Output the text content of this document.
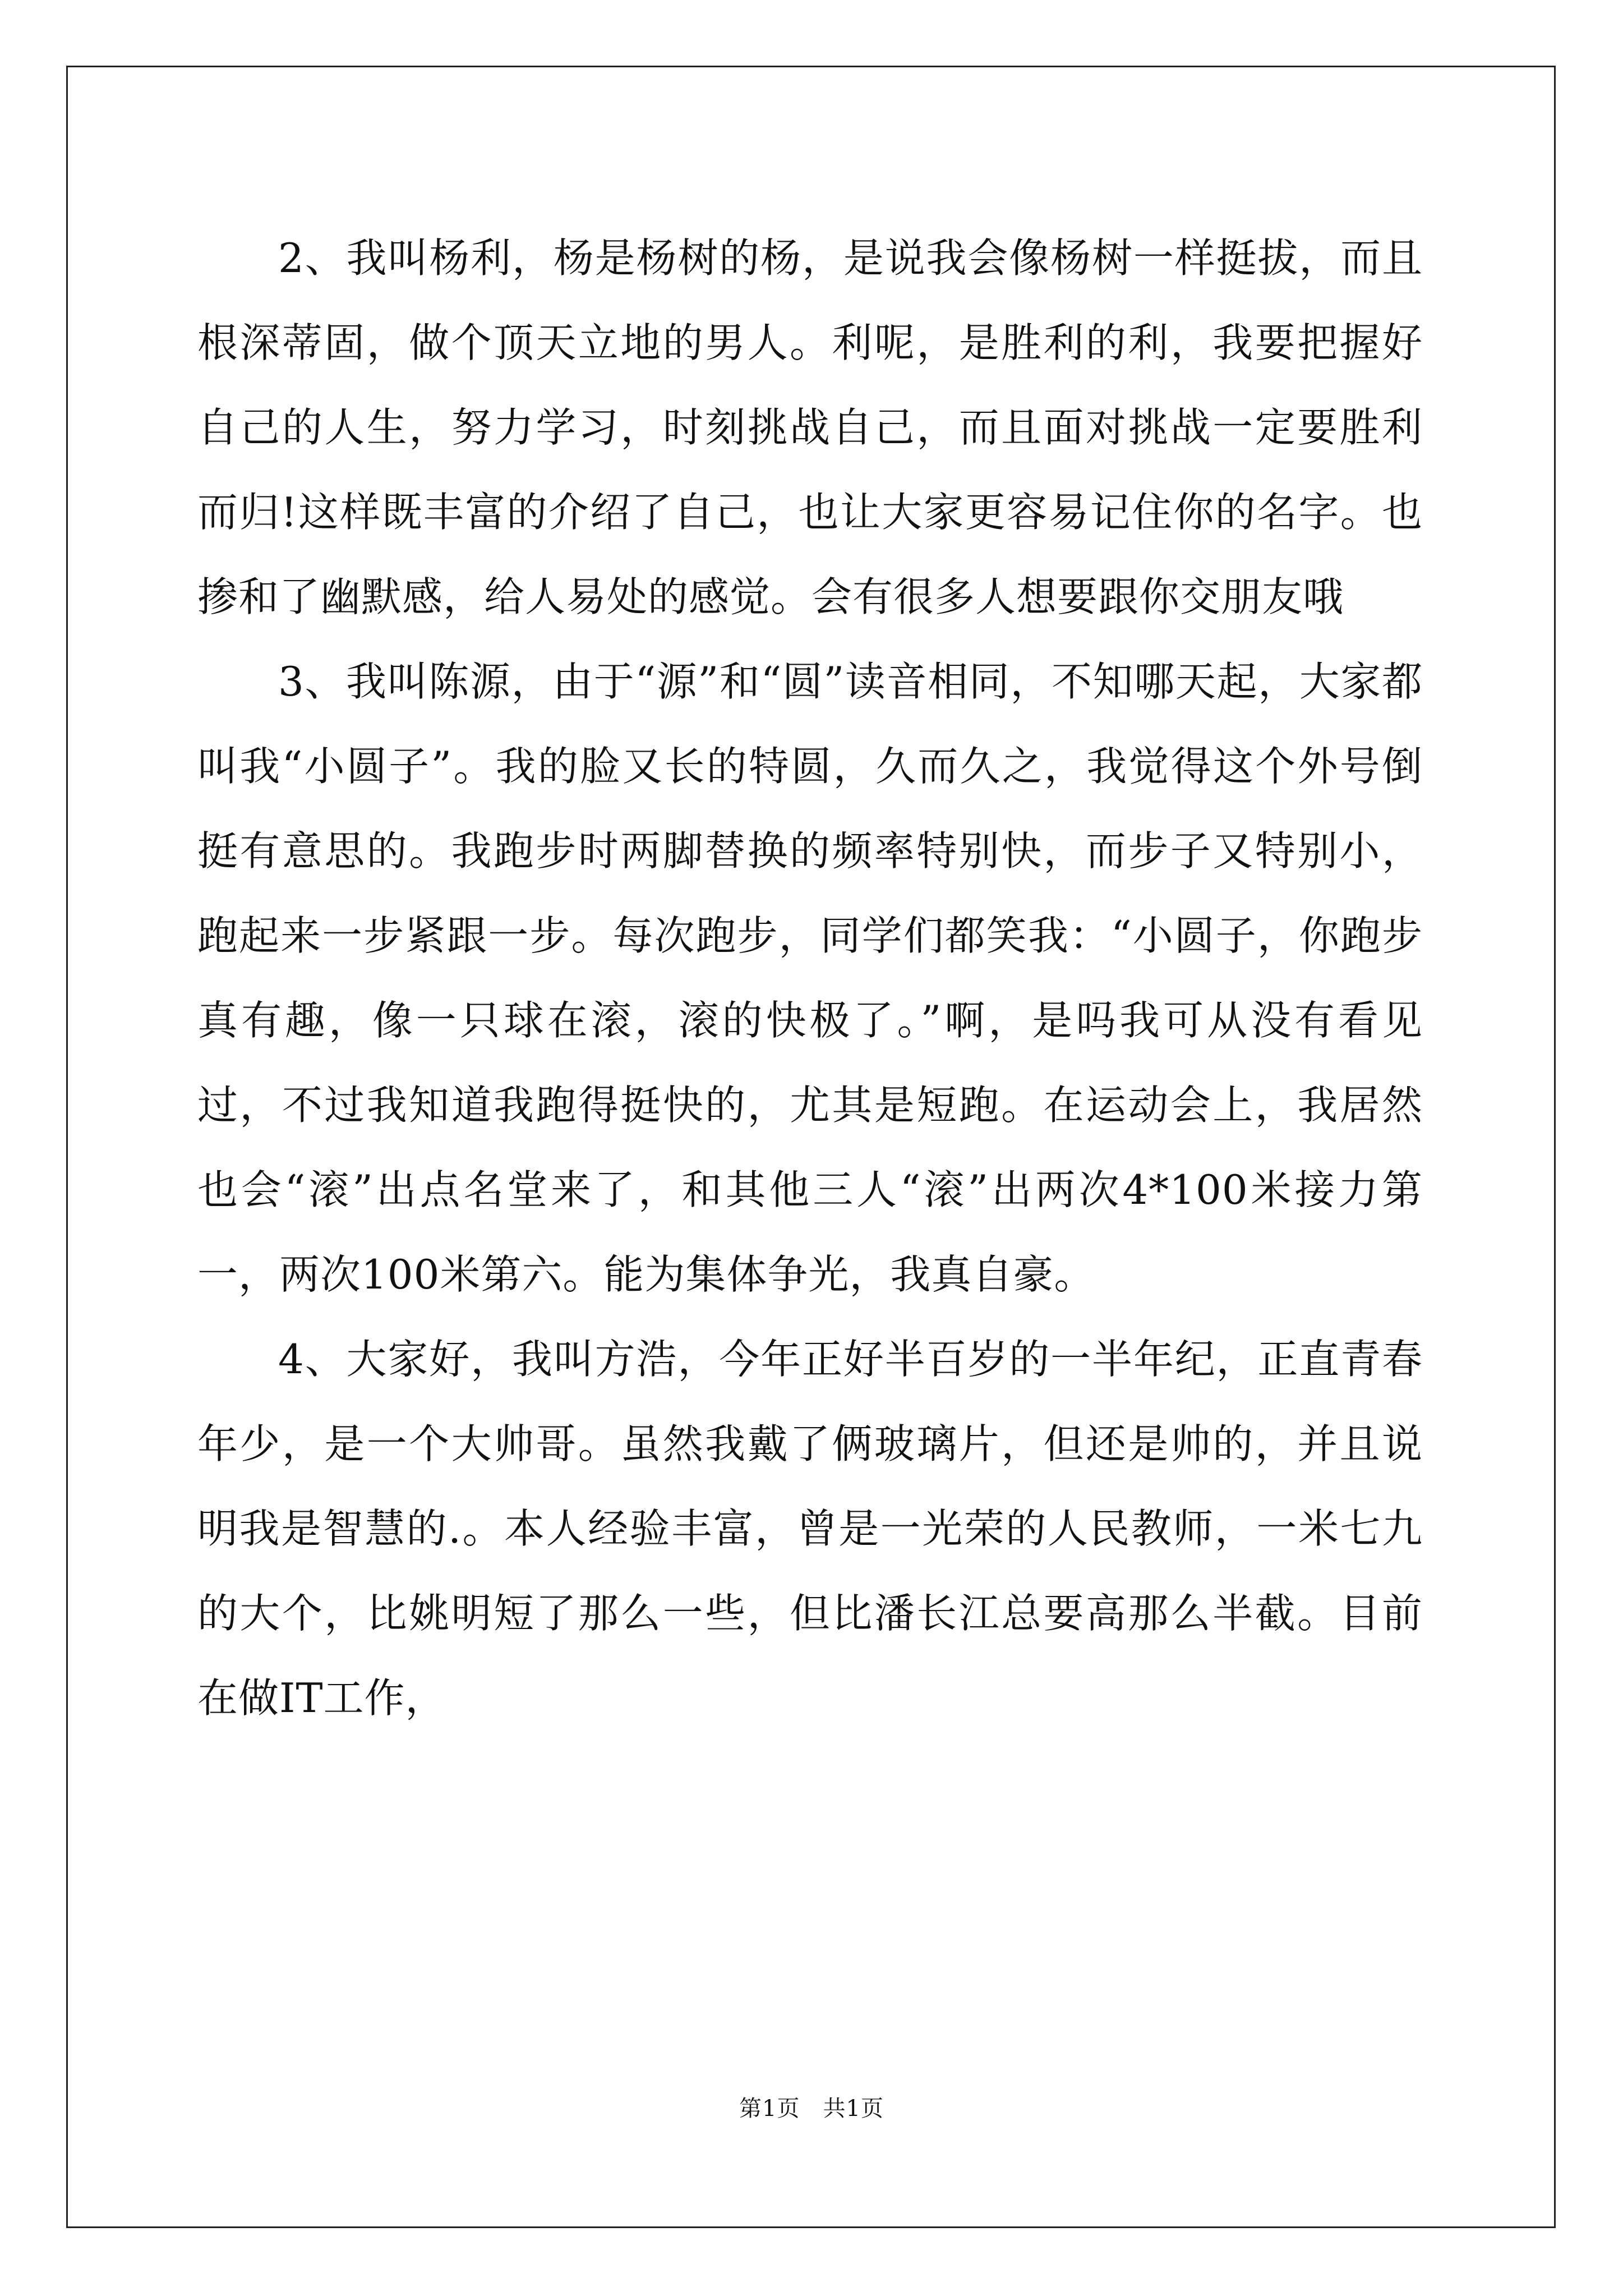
2、我叫杨利，杨是杨树的杨，是说我会像杨树一样挺拔，而且根深蒂固，做个顶天立地的男人。利呢，是胜利的利，我要把握好自己的人生，努力学习，时刻挑战自己，而且面对挑战一定要胜利而归!这样既丰富的介绍了自己，也让大家更容易记住你的名字。也掺和了幽默感，给人易处的感觉。会有很多人想要跟你交朋友哦

3、我叫陈源，由于“源”和“圆”读音相同，不知哪天起，大家都叫我“小圆子”。我的脸又长的特圆，久而久之，我觉得这个外号倒挺有意思的。我跑步时两脚替换的频率特别快，而步子又特别小，跑起来一步紧跟一步。每次跑步，同学们都笑我：“小圆子，你跑步真有趣，像一只球在滚，滚的快极了。”啊，是吗我可从没有看见过，不过我知道我跑得挺快的，尤其是短跑。在运动会上，我居然也会“滚”出点名堂来了，和其他三人“滚”出两次4*100米接力第一，两次100米第六。能为集体争光，我真自豪。

4、大家好，我叫方浩，今年正好半百岁的一半年纪，正直青春年少，是一个大帅哥。虽然我戴了俩玻璃片，但还是帅的，并且说明我是智慧的.。本人经验丰富，曾是一光荣的人民教师，一米七九的大个，比姚明短了那么一些，但比潘长江总要高那么半截。目前在做IT工作，

第1页　共1页
